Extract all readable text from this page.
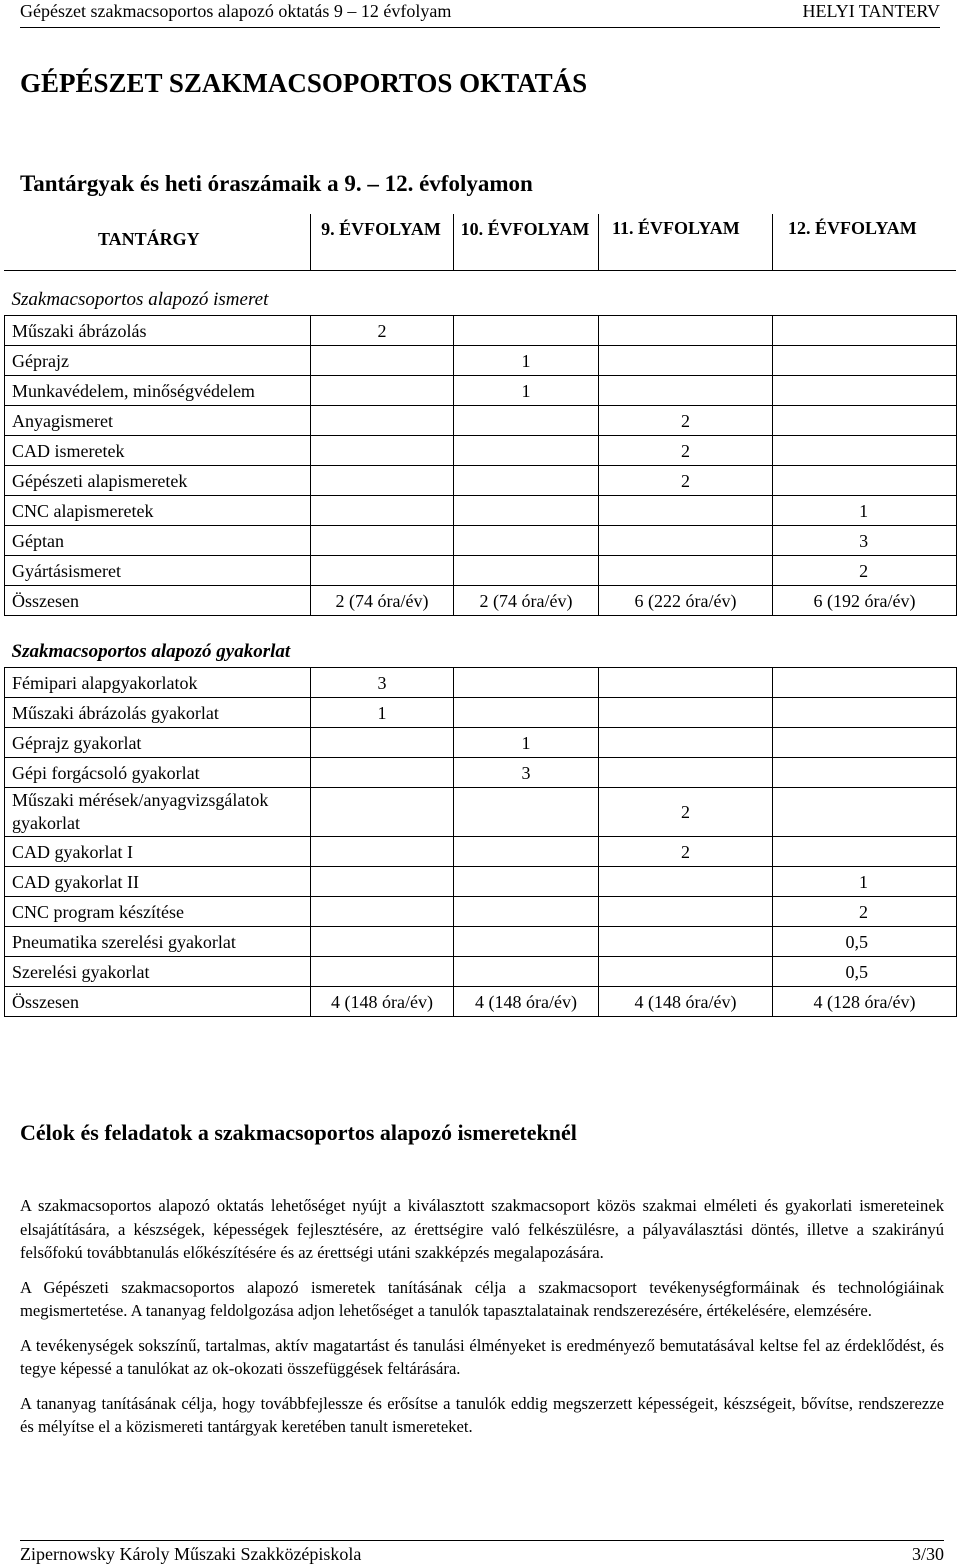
Gépészet szakmacsoportos alapozó oktatás 9 – 12 évfolyam	HELYI TANTERV
GÉPÉSZET SZAKMACSOPORTOS OKTATÁS
Tantárgyak és heti óraszámaik a 9. – 12. évfolyamon
TANTÁRGY	9. ÉVFOLYAM	10. ÉVFOLYAM	11. ÉVFOLYAM	12. ÉVFOLYAM
Szakmacsoportos alapozó ismeret				
Műszaki ábrázolás	2			
Géprajz		1		
Munkavédelem, minőségvédelem		1		
Anyagismeret			2	
CAD ismeretek			2	
Gépészeti alapismeretek			2	
CNC alapismeretek				1
Géptan				3
Gyártásismeret				2
Összesen	2 (74 óra/év)	2 (74 óra/év)	6 (222 óra/év)	6 (192 óra/év)
Szakmacsoportos alapozó gyakorlat				
Fémipari alapgyakorlatok	3			
Műszaki ábrázolás gyakorlat	1			
Géprajz gyakorlat		1		
Gépi forgácsoló gyakorlat		3		
Műszaki mérések/anyagvizsgálatok gyakorlat			2	
CAD gyakorlat I			2	
CAD gyakorlat II				1
CNC program készítése				2
Pneumatika szerelési gyakorlat				0,5
Szerelési gyakorlat				0,5
Összesen	4 (148 óra/év)	4 (148 óra/év)	4 (148 óra/év)	4 (128 óra/év)
Célok és feladatok a szakmacsoportos alapozó ismereteknél

A szakmacsoportos alapozó oktatás lehetőséget nyújt a kiválasztott szakmacsoport közös szakmai elméleti és gyakorlati ismereteinek elsajátítására, a készségek, képességek fejlesztésére, az érettségire való felkészülésre, a pályaválasztási döntés, illetve a szakirányú felsőfokú továbbtanulás előkészítésére és az érettségi utáni szakképzés megalapozására.

A Gépészeti szakmacsoportos alapozó ismeretek tanításának célja a szakmacsoport tevékenységformáinak és technológiáinak megismertetése. A tananyag feldolgozása adjon lehetőséget a tanulók tapasztalatainak rendszerezésére, értékelésére, elemzésére.

A tevékenységek sokszínű, tartalmas, aktív magatartást és tanulási élményeket is eredményező bemutatásával keltse fel az érdeklődést, és tegye képessé a tanulókat az ok-okozati összefüggések feltárására.

A tananyag tanításának célja, hogy továbbfejlessze és erősítse a tanulók eddig megszerzett képességeit, készségeit, bővítse, rendszerezze és mélyítse el a közismereti tantárgyak keretében tanult ismereteket.

Zipernowsky Károly Műszaki Szakközépiskola	3/30
